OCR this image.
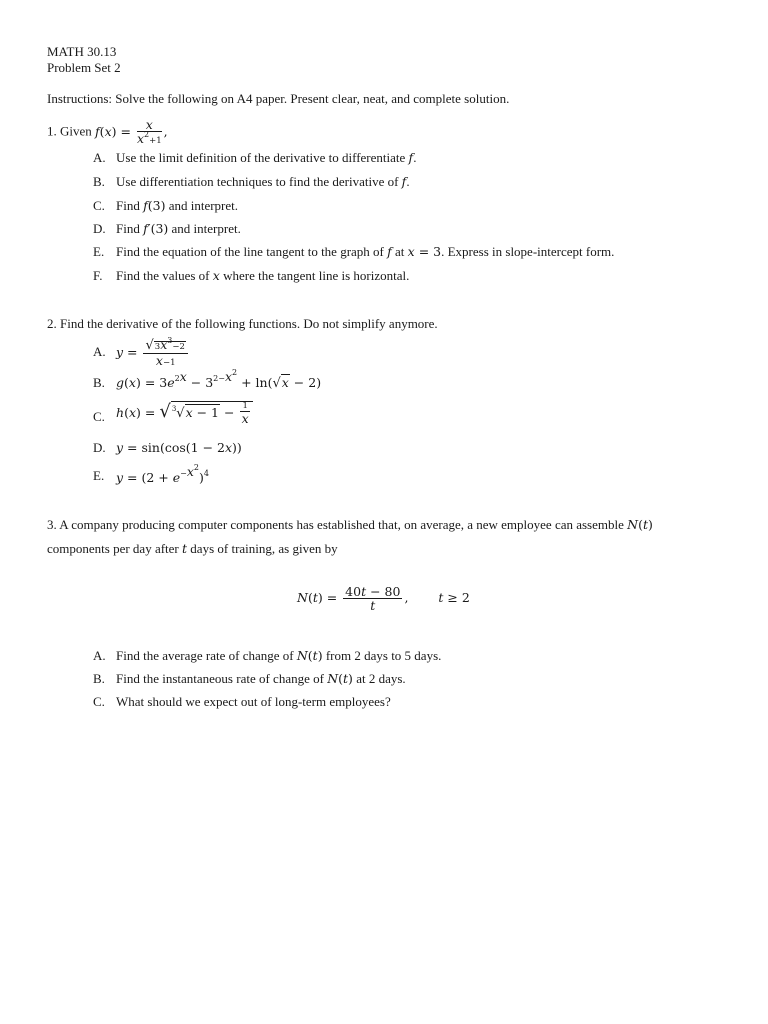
MATH 30.13
Problem Set 2
Instructions: Solve the following on A4 paper. Present clear, neat, and complete solution.
1. Given $f(x) = \frac{x}{x^2+1}$ ,
A. Use the limit definition of the derivative to differentiate f.
B. Use differentiation techniques to find the derivative of f.
C. Find f(3) and interpret.
D. Find f′(3) and interpret.
E. Find the equation of the line tangent to the graph of f at x = 3. Express in slope-intercept form.
F. Find the values of x where the tangent line is horizontal.
2. Find the derivative of the following functions. Do not simplify anymore.
A. $y = \frac{√3x^3-2}{x-1}$
B. $g(x) = 3e^{2x} - 3^{2-x^2} + \ln(√x - 2)$
C. $h(x) = √^3√x - 1 - \frac{1}{x}$
D. y = sin(cos(1 − 2x))
E. $y = (2 + e^{-x^2})^4$
3. A company producing computer components has established that, on average, a new employee can assemble N(t)
components per day after t days of training, as given by
$N(t) = \frac{40t - 80}{t}$ ,  t ≥ 2
A. Find the average rate of change of N(t) from 2 days to 5 days.
B. Find the instantaneous rate of change of N(t) at 2 days.
C. What should we expect out of long-term employees?
